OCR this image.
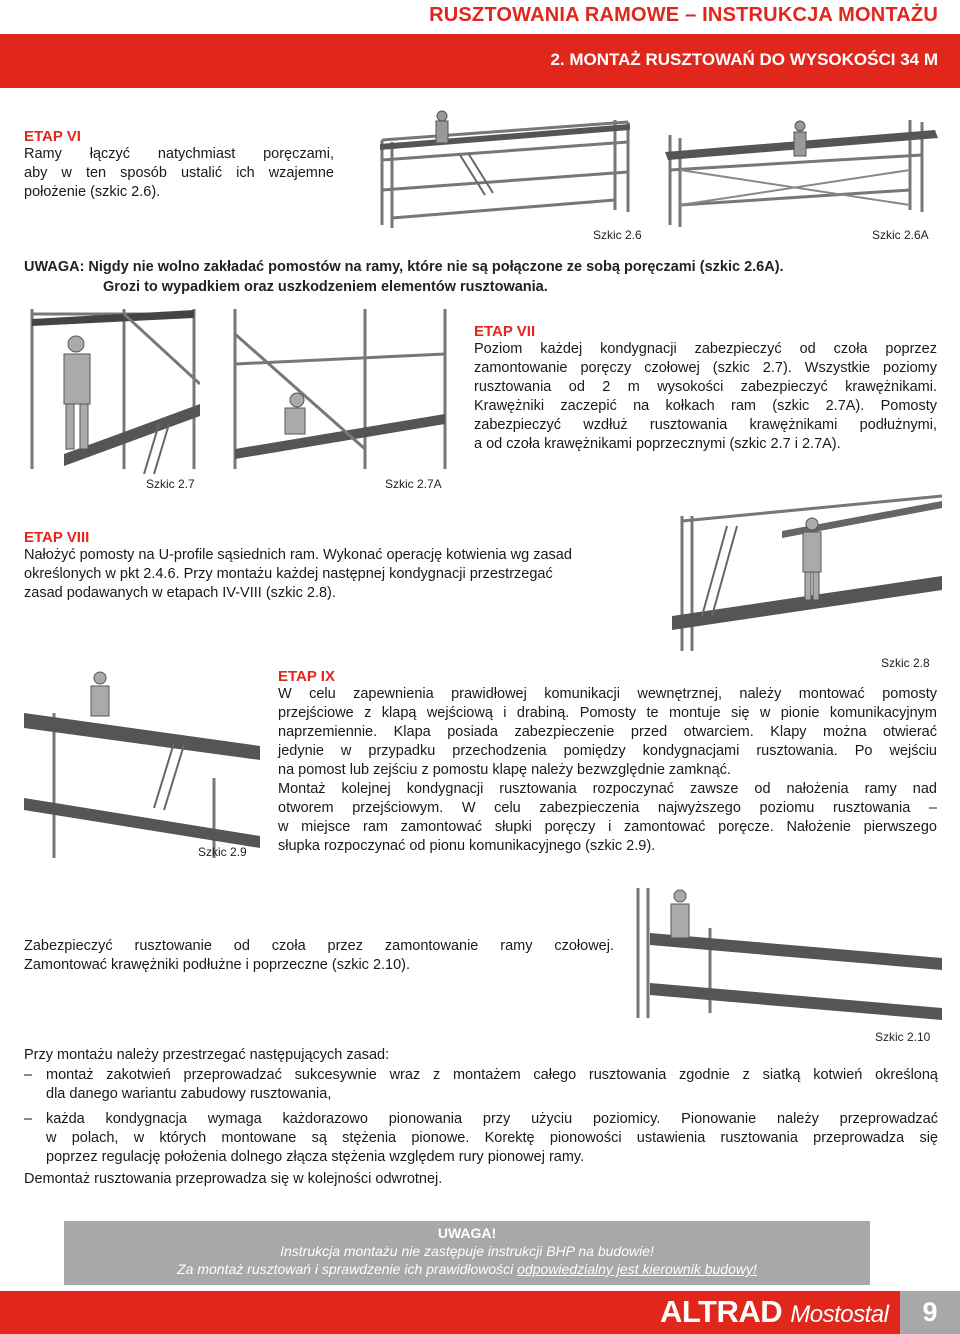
RUSZTOWANIA RAMOWE – INSTRUKCJA MONTAŻU
2. MONTAŻ RUSZTOWAŃ DO WYSOKOŚCI 34 M
ETAP VI
Ramy łączyć natychmiast poręczami,
aby w ten sposób ustalić ich wzajemne
położenie (szkic 2.6).
Szkic 2.6	Szkic 2.6A
UWAGA: Nigdy nie wolno zakładać pomostów na ramy, które nie są połączone ze sobą poręczami (szkic 2.6A).
Grozi to wypadkiem oraz uszkodzeniem elementów rusztowania.
Szkic 2.7	Szkic 2.7A
ETAP VII
Poziom każdej kondygnacji zabezpieczyć od czoła poprzez
zamontowanie poręczy czołowej (szkic 2.7). Wszystkie poziomy
rusztowania od 2 m wysokości zabezpieczyć krawężnikami.
Krawężniki zaczepić na kołkach ram (szkic 2.7A). Pomosty
zabezpieczyć wzdłuż rusztowania krawężnikami podłużnymi,
a od czoła krawężnikami poprzecznymi (szkic 2.7 i 2.7A).
ETAP VIII
Nałożyć pomosty na U-profile sąsiednich ram. Wykonać operację kotwienia wg zasad
określonych w pkt 2.4.6. Przy montażu każdej następnej kondygnacji przestrzegać
zasad podawanych w etapach IV-VIII (szkic 2.8).
Szkic 2.8
Szkic 2.9
ETAP IX
W celu zapewnienia prawidłowej komunikacji wewnętrznej, należy montować pomosty
przejściowe z klapą wejściową i drabiną. Pomosty te montuje się w pionie komunikacyjnym
naprzemiennie. Klapa posiada zabezpieczenie przed otwarciem. Klapy można otwierać
jedynie w przypadku przechodzenia pomiędzy kondygnacjami rusztowania. Po wejściu
na pomost lub zejściu z pomostu klapę należy bezwzględnie zamknąć.
Montaż kolejnej kondygnacji rusztowania rozpoczynać zawsze od nałożenia ramy nad
otworem przejściowym. W celu zabezpieczenia najwyższego poziomu rusztowania –
w miejsce ram zamontować słupki poręczy i zamontować poręcze. Nałożenie pierwszego
słupka rozpoczynać od pionu komunikacyjnego (szkic 2.9).
Szkic 2.10
Zabezpieczyć rusztowanie od czoła przez zamontowanie ramy czołowej.
Zamontować krawężniki podłużne i poprzeczne (szkic 2.10).
Przy montażu należy przestrzegać następujących zasad:
– montaż zakotwień przeprowadzać sukcesywnie wraz z montażem całego rusztowania zgodnie z siatką kotwień określoną
dla danego wariantu zabudowy rusztowania,
– każda kondygnacja wymaga każdorazowo pionowania przy użyciu poziomicy. Pionowanie należy przeprowadzać
w polach, w których montowane są stężenia pionowe. Korektę pionowości ustawienia rusztowania przeprowadza się
poprzez regulację położenia dolnego złącza stężenia względem rury pionowej ramy.
Demontaż rusztowania przeprowadza się w kolejności odwrotnej.
UWAGA!
Instrukcja montażu nie zastępuje instrukcji BHP na budowie!
Za montaż rusztowań i sprawdzenie ich prawidłowości odpowiedzialny jest kierownik budowy!
ALTRAD Mostostal	9
